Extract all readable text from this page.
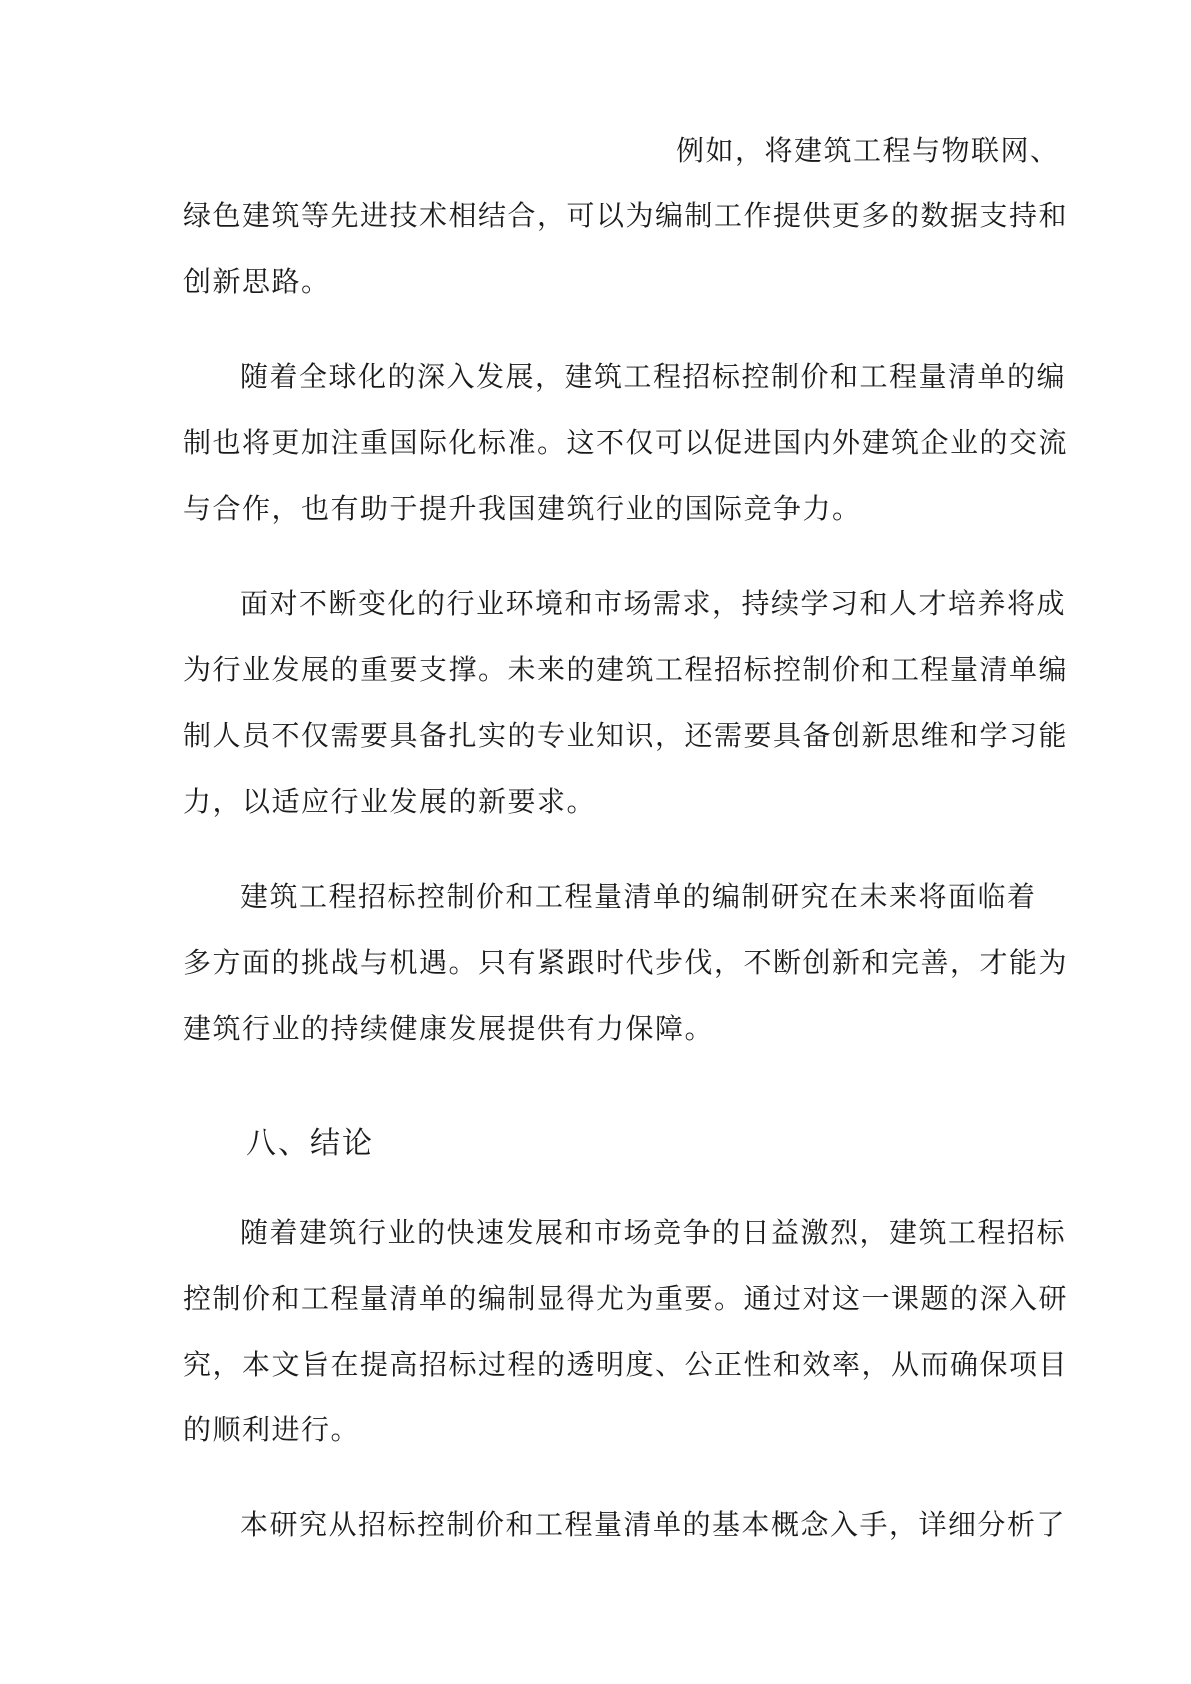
例如，将建筑工程与物联网、
绿色建筑等先进技术相结合，可以为编制工作提供更多的数据支持和
创新思路。
随着全球化的深入发展，建筑工程招标控制价和工程量清单的编
制也将更加注重国际化标准。这不仅可以促进国内外建筑企业的交流
与合作，也有助于提升我国建筑行业的国际竞争力。
面对不断变化的行业环境和市场需求，持续学习和人才培养将成
为行业发展的重要支撑。未来的建筑工程招标控制价和工程量清单编
制人员不仅需要具备扎实的专业知识，还需要具备创新思维和学习能
力，以适应行业发展的新要求。
建筑工程招标控制价和工程量清单的编制研究在未来将面临着
多方面的挑战与机遇。只有紧跟时代步伐，不断创新和完善，才能为
建筑行业的持续健康发展提供有力保障。
八、结论
随着建筑行业的快速发展和市场竞争的日益激烈，建筑工程招标
控制价和工程量清单的编制显得尤为重要。通过对这一课题的深入研
究，本文旨在提高招标过程的透明度、公正性和效率，从而确保项目
的顺利进行。
本研究从招标控制价和工程量清单的基本概念入手，详细分析了
